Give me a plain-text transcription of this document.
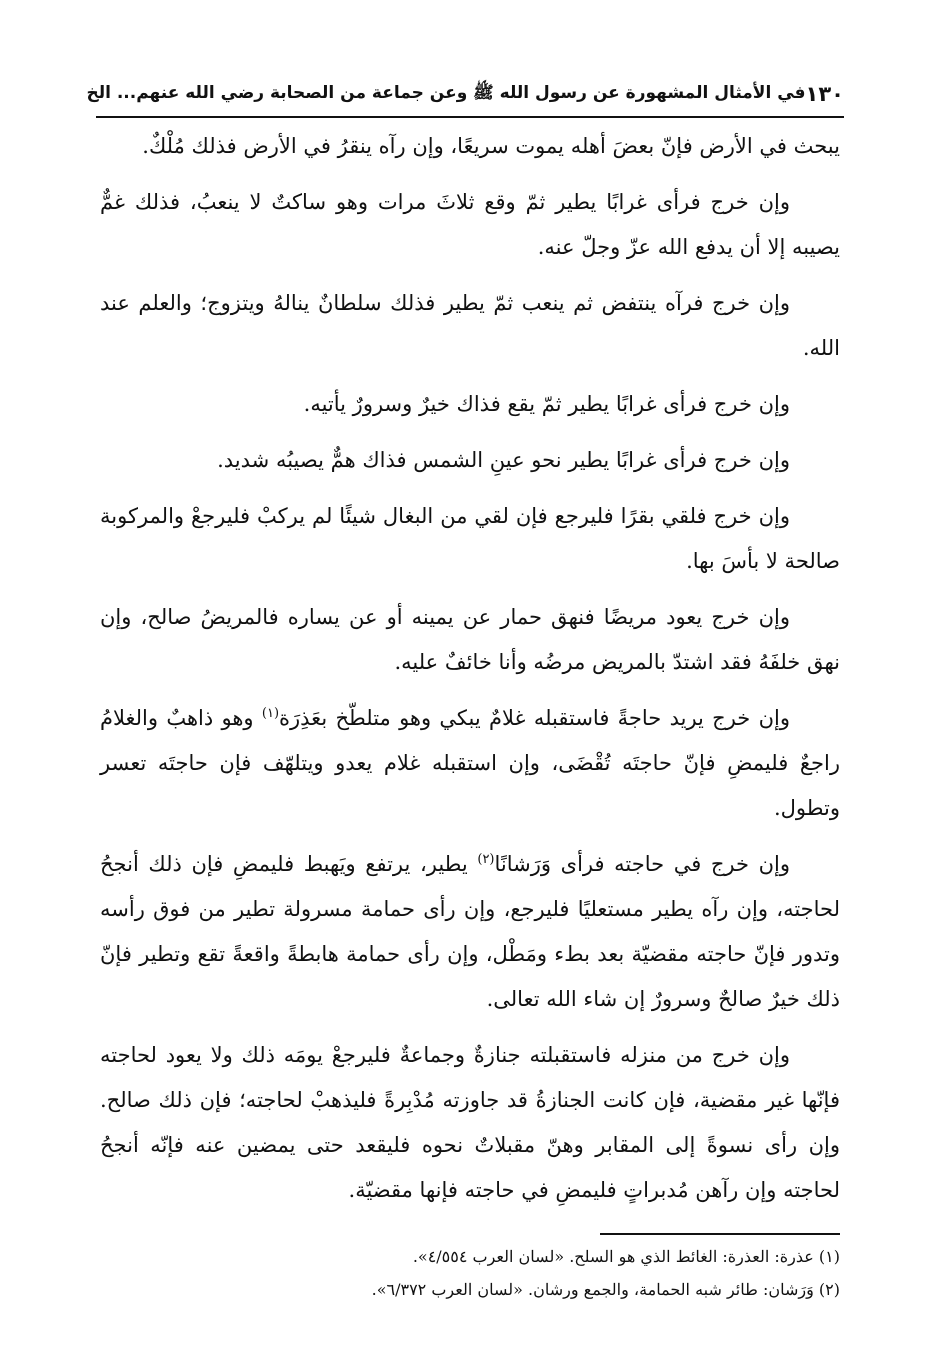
١٣٠
في الأمثال المشهورة عن رسول الله ﷺ وعن جماعة من الصحابة رضي الله عنهم... الخ

يبحث في الأرض فإنّ بعضَ أهله يموت سريعًا، وإن رآه ينقرُ في الأرض فذلك مُلْكٌ.

وإن خرج فرأى غرابًا يطير ثمّ وقع ثلاثَ مرات وهو ساكتٌ لا ينعبُ، فذلك غمٌّ يصيبه إلا أن يدفع الله عزّ وجلّ عنه.

وإن خرج فرآه ينتفض ثم ينعب ثمّ يطير فذلك سلطانٌ ينالهُ ويتزوج؛ والعلم عند الله.

وإن خرج فرأى غرابًا يطير ثمّ يقع فذاك خيرٌ وسرورٌ يأتيه.

وإن خرج فرأى غرابًا يطير نحو عينِ الشمس فذاك همٌّ يصيبُه شديد.

وإن خرج فلقي بقرًا فليرجع فإن لقي من البغال شيئًا لم يركبْ فليرجعْ والمركوبة صالحة لا بأسَ بها.

وإن خرج يعود مريضًا فنهق حمار عن يمينه أو عن يساره فالمريضُ صالح، وإن نهق خلفَهُ فقد اشتدّ بالمريض مرضُه وأنا خائفٌ عليه.

وإن خرج يريد حاجةً فاستقبله غلامٌ يبكي وهو متلطّخ بعَذِرَة$^{(١)}$ وهو ذاهبٌ والغلامُ راجعٌ فليمضِ فإنّ حاجتَه تُقْضَى، وإن استقبله غلام يعدو ويتلهّف فإن حاجتَه تعسر وتطول.

وإن خرج في حاجته فرأى وَرَشانًا$^{(٢)}$ يطير، يرتفع ويَهبط فليمضِ فإن ذلك أنجحُ لحاجته، وإن رآه يطير مستعليًا فليرجع، وإن رأى حمامة مسرولة تطير من فوق رأسه وتدور فإنّ حاجته مقضيّة بعد بطء ومَطْل، وإن رأى حمامة هابطةً واقعةً تقع وتطير فإنّ ذلك خيرٌ صالحٌ وسرورٌ إن شاء الله تعالى.

وإن خرج من منزله فاستقبلته جنازةٌ وجماعةٌ فليرجعْ يومَه ذلك ولا يعود لحاجته فإنّها غير مقضية، فإن كانت الجنازةُ قد جاوزته مُدْبِرةً فليذهبْ لحاجته؛ فإن ذلك صالح. وإن رأى نسوةً إلى المقابر وهنّ مقبلاتٌ نحوه فليقعد حتى يمضين عنه فإنّه أنجحُ لحاجته وإن رآهن مُدبراتٍ فليمضِ في حاجته فإنها مقضيّة.

(١) عذرة: العذرة: الغائط الذي هو السلح. «لسان العرب ٤/٥٥٤».

(٢) وَرَشان: طائر شبه الحمامة، والجمع ورشان. «لسان العرب ٦/٣٧٢».
